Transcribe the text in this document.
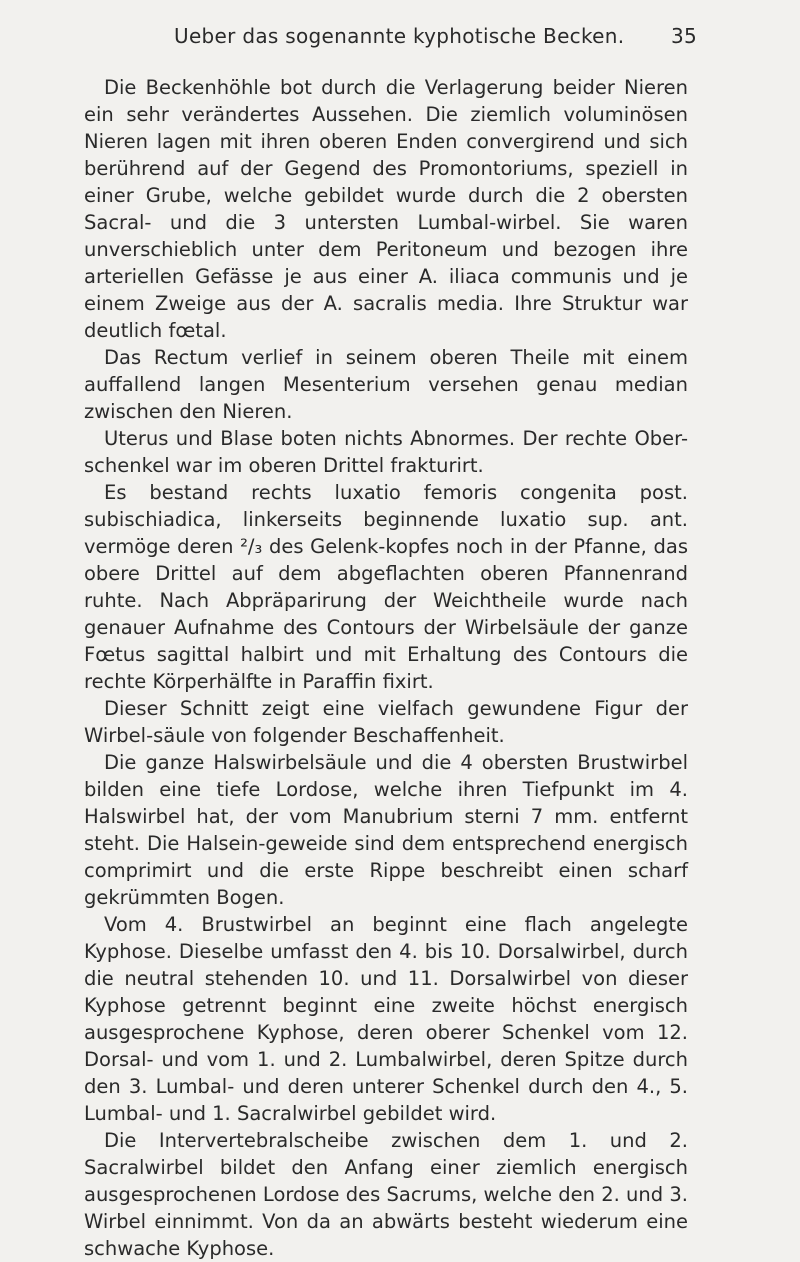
Ueber das sogenannte kyphotische Becken. 35

Die Beckenhöhle bot durch die Verlagerung beider Nieren ein sehr verändertes Aussehen. Die ziemlich voluminösen Nieren lagen mit ihren oberen Enden convergirend und sich berührend auf der Gegend des Promontoriums, speziell in einer Grube, welche gebildet wurde durch die 2 obersten Sacral- und die 3 untersten Lumbal-wirbel. Sie waren unverschieblich unter dem Peritoneum und bezogen ihre arteriellen Gefässe je aus einer A. iliaca communis und je einem Zweige aus der A. sacralis media. Ihre Struktur war deutlich fœtal.

Das Rectum verlief in seinem oberen Theile mit einem auffallend langen Mesenterium versehen genau median zwischen den Nieren.

Uterus und Blase boten nichts Abnormes. Der rechte Ober-schenkel war im oberen Drittel frakturirt.

Es bestand rechts luxatio femoris congenita post. subischiadica, linkerseits beginnende luxatio sup. ant. vermöge deren ²/₃ des Gelenk-kopfes noch in der Pfanne, das obere Drittel auf dem abgeflachten oberen Pfannenrand ruhte. Nach Abpräparirung der Weichtheile wurde nach genauer Aufnahme des Contours der Wirbelsäule der ganze Fœtus sagittal halbirt und mit Erhaltung des Contours die rechte Körperhälfte in Paraffin fixirt.

Dieser Schnitt zeigt eine vielfach gewundene Figur der Wirbel-säule von folgender Beschaffenheit.

Die ganze Halswirbelsäule und die 4 obersten Brustwirbel bilden eine tiefe Lordose, welche ihren Tiefpunkt im 4. Halswirbel hat, der vom Manubrium sterni 7 mm. entfernt steht. Die Halsein-geweide sind dem entsprechend energisch comprimirt und die erste Rippe beschreibt einen scharf gekrümmten Bogen.

Vom 4. Brustwirbel an beginnt eine flach angelegte Kyphose. Dieselbe umfasst den 4. bis 10. Dorsalwirbel, durch die neutral stehenden 10. und 11. Dorsalwirbel von dieser Kyphose getrennt beginnt eine zweite höchst energisch ausgesprochene Kyphose, deren oberer Schenkel vom 12. Dorsal- und vom 1. und 2. Lumbalwirbel, deren Spitze durch den 3. Lumbal- und deren unterer Schenkel durch den 4., 5. Lumbal- und 1. Sacralwirbel gebildet wird.

Die Intervertebralscheibe zwischen dem 1. und 2. Sacralwirbel bildet den Anfang einer ziemlich energisch ausgesprochenen Lordose des Sacrums, welche den 2. und 3. Wirbel einnimmt. Von da an abwärts besteht wiederum eine schwache Kyphose.
